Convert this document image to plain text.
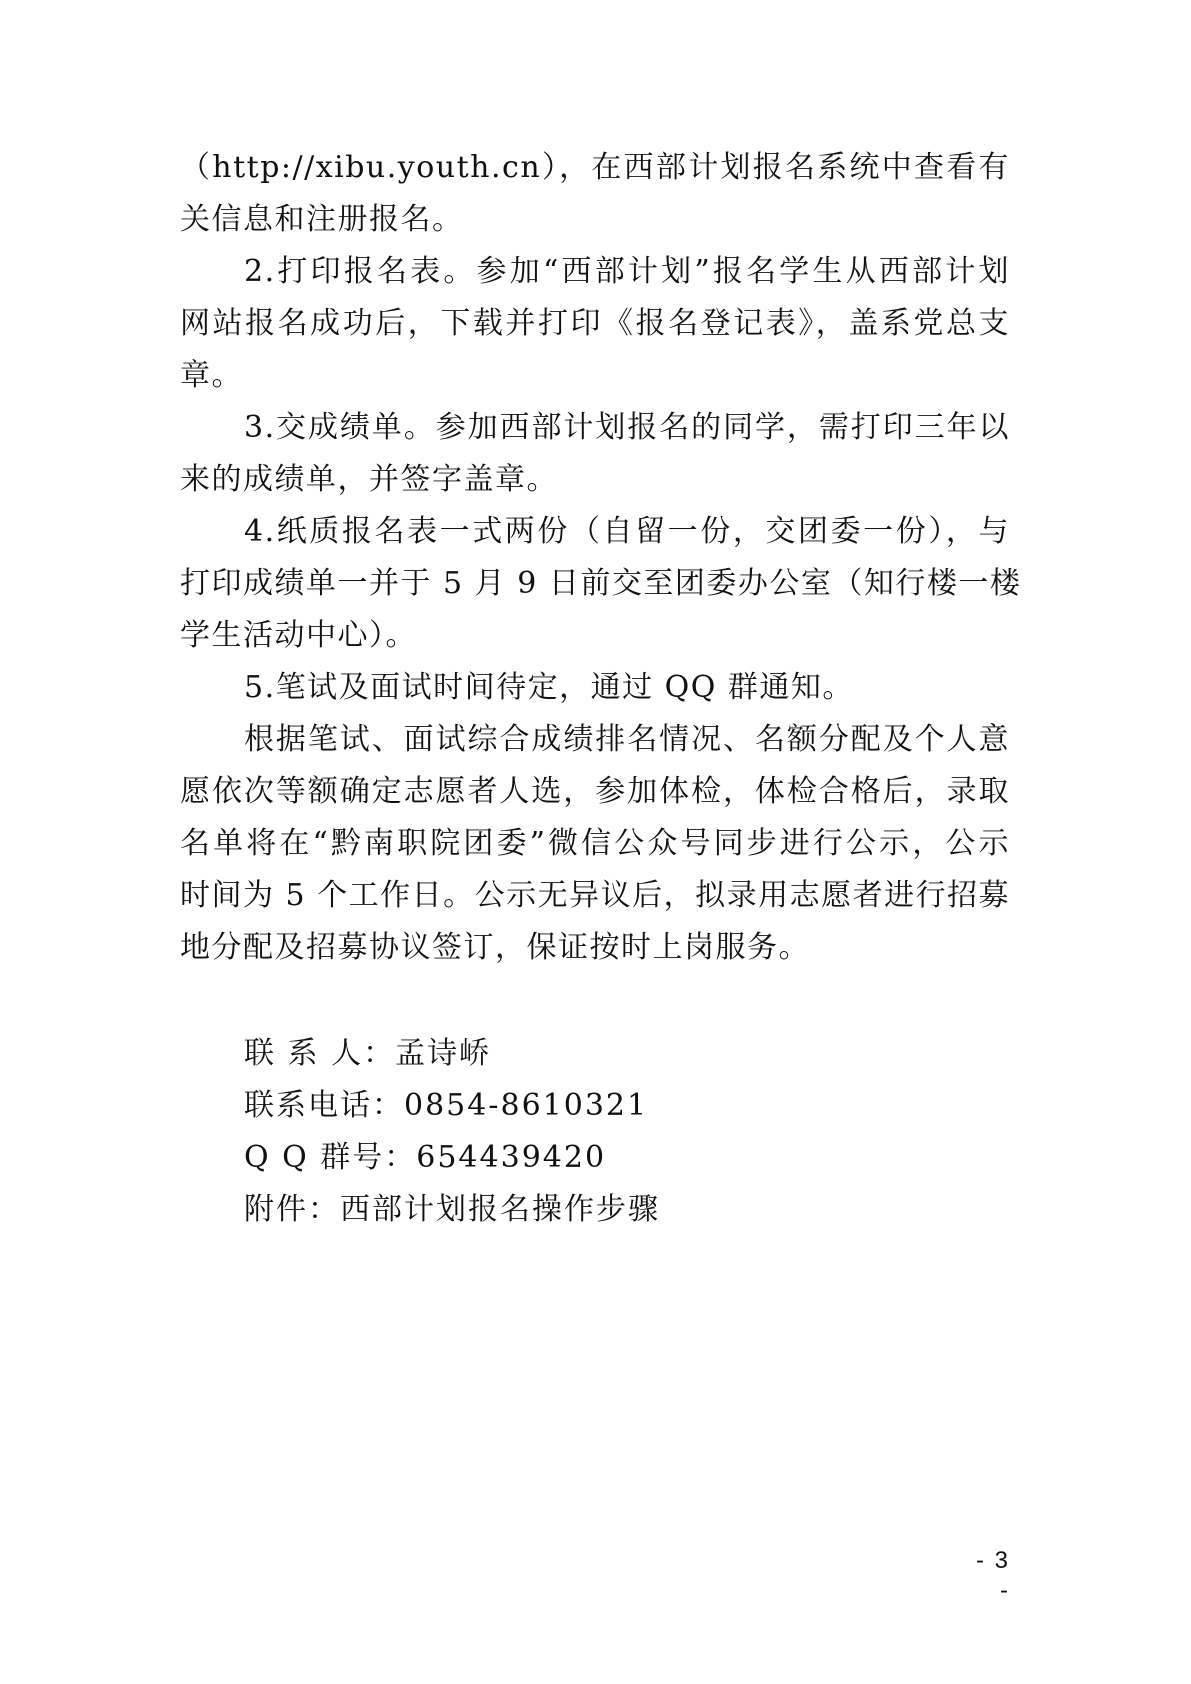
（http://xibu.youth.cn），在西部计划报名系统中查看有
关信息和注册报名。
2.打印报名表。参加“西部计划”报名学生从西部计划
网站报名成功后，下载并打印《报名登记表》，盖系党总支
章。
3.交成绩单。参加西部计划报名的同学，需打印三年以
来的成绩单，并签字盖章。
4.纸质报名表一式两份（自留一份，交团委一份），与
打印成绩单一并于 5 月 9 日前交至团委办公室（知行楼一楼
学生活动中心）。
5.笔试及面试时间待定，通过 QQ 群通知。
根据笔试、面试综合成绩排名情况、名额分配及个人意
愿依次等额确定志愿者人选，参加体检，体检合格后，录取
名单将在“黔南职院团委”微信公众号同步进行公示，公示
时间为 5 个工作日。公示无异议后，拟录用志愿者进行招募
地分配及招募协议签订，保证按时上岗服务。
联 系 人：孟诗峤
联系电话：0854-8610321
Q Q 群号：654439420
附件：西部计划报名操作步骤
- 3 -
